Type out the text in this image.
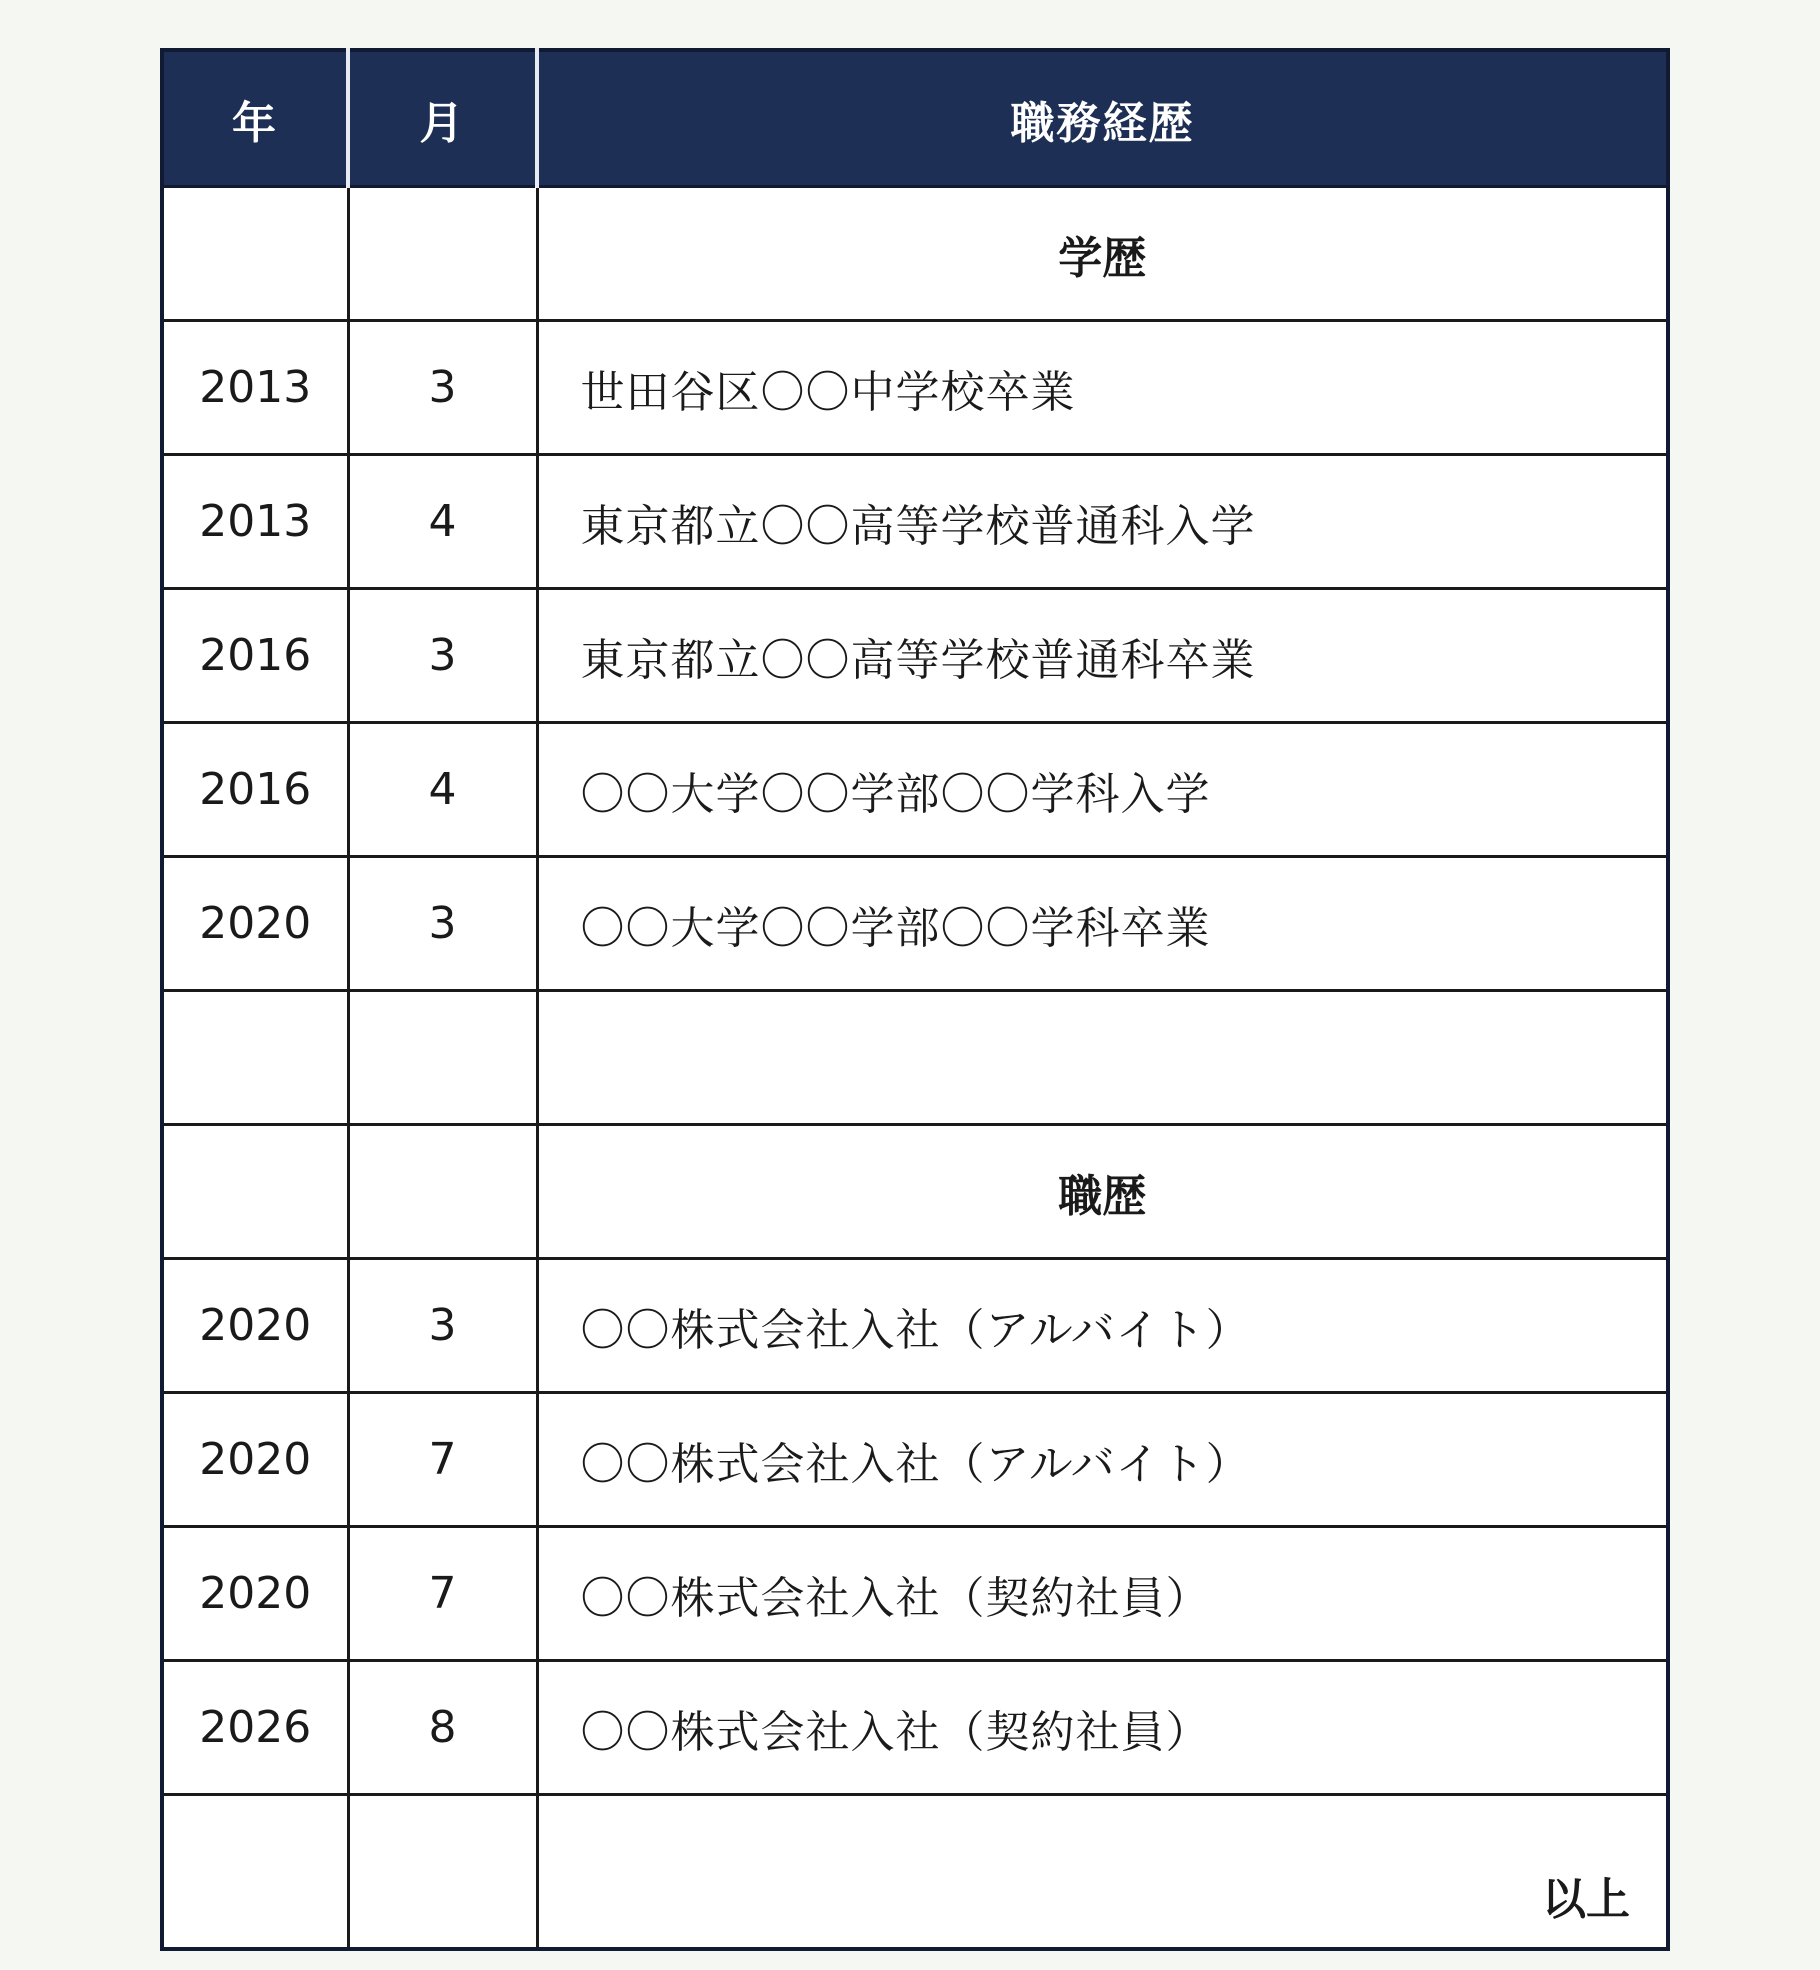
年	月	職務経歴
		学歴
2013	3	世田谷区〇〇中学校卒業
2013	4	東京都立〇〇高等学校普通科入学
2016	3	東京都立〇〇高等学校普通科卒業
2016	4	〇〇大学〇〇学部〇〇学科入学
2020	3	〇〇大学〇〇学部〇〇学科卒業

		職歴
2020	3	〇〇株式会社入社（アルバイト）
2020	7	〇〇株式会社入社（アルバイト）
2020	7	〇〇株式会社入社（契約社員）
2026	8	〇〇株式会社入社（契約社員）
		以上
